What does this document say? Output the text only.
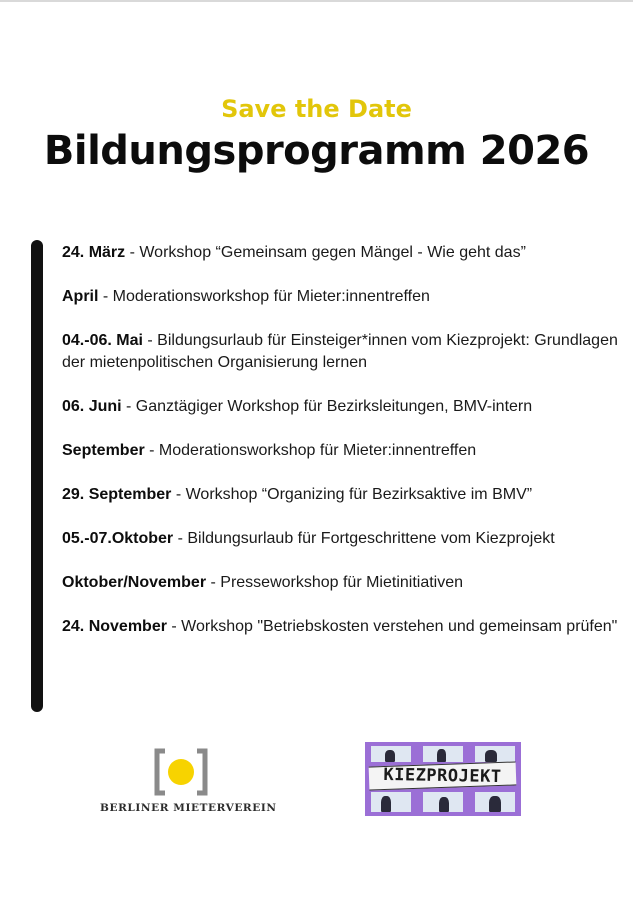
Save the Date
Bildungsprogramm 2026
24. März - Workshop “Gemeinsam gegen Mängel - Wie geht das”
April - Moderationsworkshop für Mieter:innentreffen
04.-06. Mai - Bildungsurlaub für Einsteiger*innen vom Kiezprojekt: Grundlagen der mietenpolitischen Organisierung lernen
06. Juni - Ganztägiger Workshop für Bezirksleitungen, BMV-intern
September - Moderationsworkshop für Mieter:innentreffen
29. September - Workshop “Organizing für Bezirksaktive im BMV”
05.-07.Oktober - Bildungsurlaub für Fortgeschrittene vom Kiezprojekt
Oktober/November - Presseworkshop für Mietinitiativen
24. November - Workshop "Betriebskosten verstehen und gemeinsam prüfen"
BERLINER MIETERVEREIN
KIEZPROJEKT
